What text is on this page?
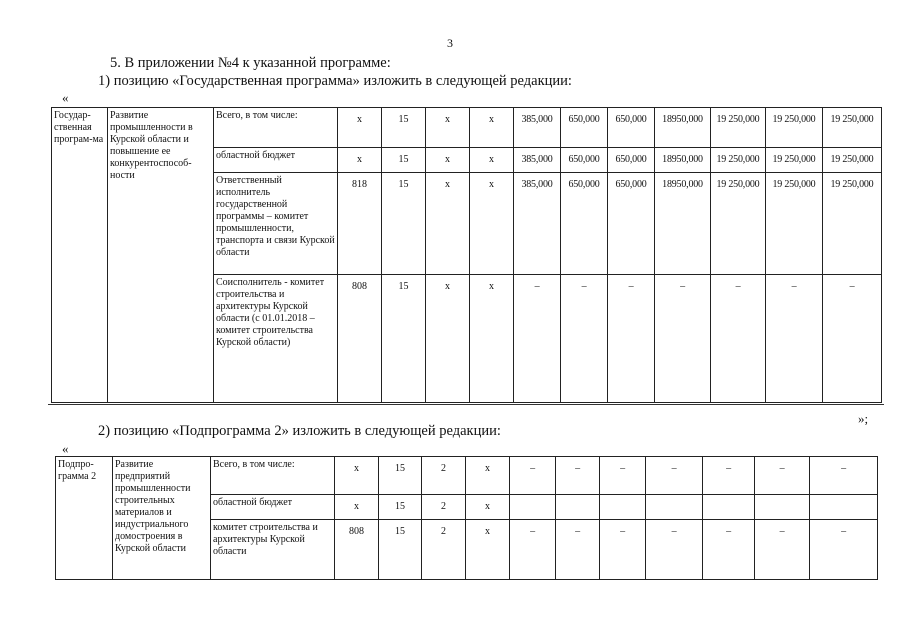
3
5. В приложении №4 к указанной программе:
1) позицию «Государственная программа» изложить в следующей редакции:
«
Государ-ственная програм-ма	Развитие промышленности в Курской области и повышение ее конкурентоспособ-ности	Всего, в том числе:	х	15	х	х	385,000	650,000	650,000	18950,000	19 250,000	19 250,000	19 250,000
		областной бюджет	х	15	х	х	385,000	650,000	650,000	18950,000	19 250,000	19 250,000	19 250,000
		Ответственный исполнитель государственной программы – комитет промышленности, транспорта и связи Курской области	818	15	х	х	385,000	650,000	650,000	18950,000	19 250,000	19 250,000	19 250,000
		Соисполнитель - комитет строительства и архитектуры Курской области (с 01.01.2018 – комитет строительства Курской области)	808	15	х	х	–	–	–	–	–	–	–
»;
2) позицию «Подпрограмма 2» изложить в следующей редакции:
«
Подпро-грамма 2	Развитие предприятий промышленности строительных материалов и индустриального домостроения в Курской области	Всего, в том числе:	х	15	2	х	–	–	–	–	–	–	–
		областной бюджет	х	15	2	х							
		комитет строительства и архитектуры Курской области	808	15	2	х	–	–	–	–	–	–	–
